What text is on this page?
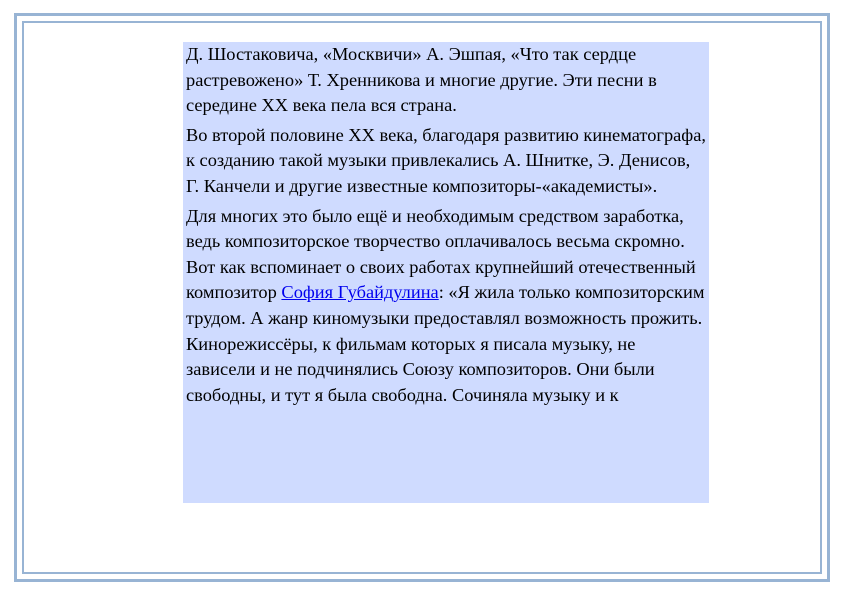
Д. Шостаковича, «Москвичи» А. Эшпая, «Что так сердце растревожено» Т. Хренникова и многие другие. Эти песни в середине XX века пела вся страна.

Во второй половине XX века, благодаря развитию кинематографа, к созданию такой музыки привлекались А. Шнитке, Э. Денисов, Г. Канчели и другие известные композиторы-«академисты».

Для многих это было ещё и необходимым средством заработка, ведь композиторское творчество оплачивалось весьма скромно. Вот как вспоминает о своих работах крупнейший отечественный композитор София Губайдулина: «Я жила только композиторским трудом. А жанр киномузыки предоставлял возможность прожить. Кинорежиссёры, к фильмам которых я писала музыку, не зависели и не подчинялись Союзу композиторов. Они были свободны, и тут я была свободна. Сочиняла музыку и к
